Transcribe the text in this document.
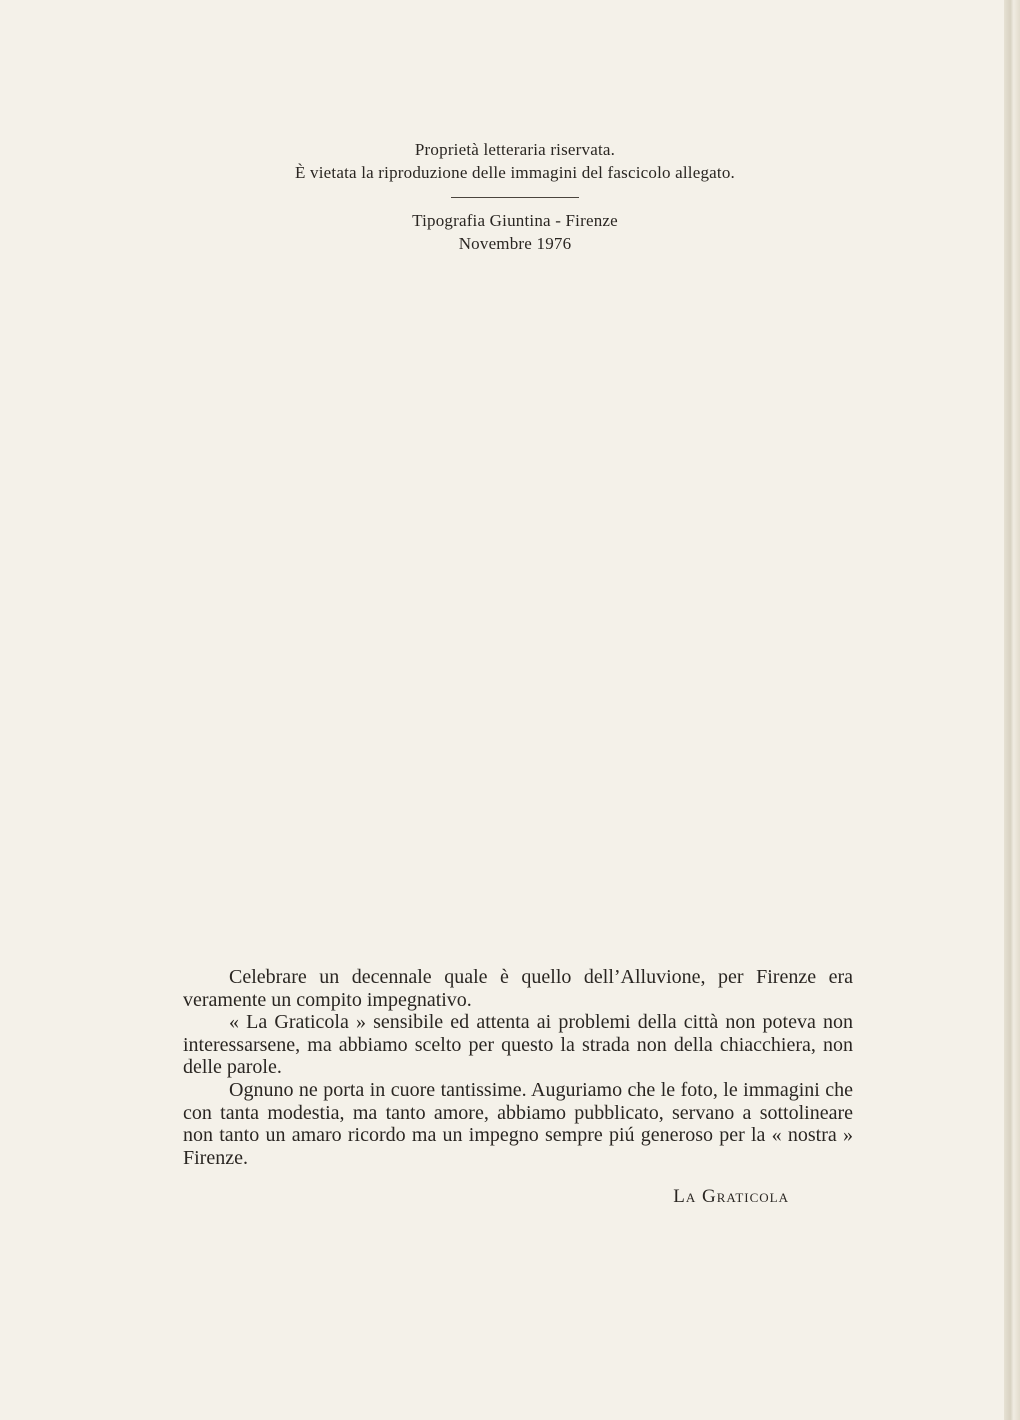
Proprietà letteraria riservata.
È vietata la riproduzione delle immagini del fascicolo allegato.
Tipografia Giuntina - Firenze
Novembre 1976

Celebrare un decennale quale è quello dell’Alluvione, per Firenze era veramente un compito impegnativo.

« La Graticola » sensibile ed attenta ai problemi della città non poteva non interessarsene, ma abbiamo scelto per questo la strada non della chiacchiera, non delle parole.

Ognuno ne porta in cuore tantissime. Auguriamo che le foto, le immagini che con tanta modestia, ma tanto amore, abbiamo pubblicato, servano a sottolineare non tanto un amaro ricordo ma un impegno sempre piú generoso per la « nostra » Firenze.

La Graticola
